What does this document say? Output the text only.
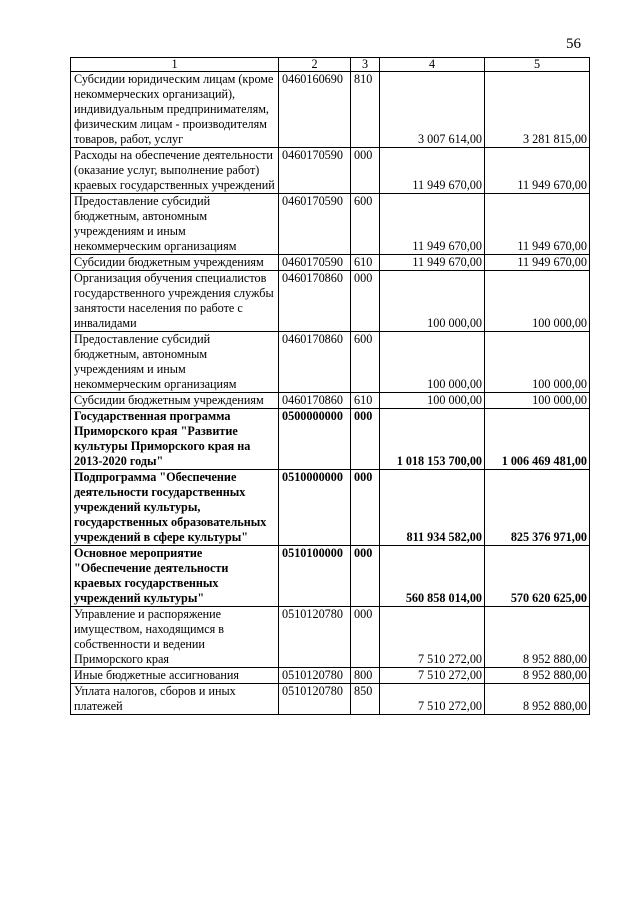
56
1	2	3	4	5
Субсидии юридическим лицам (кроме некоммерческих организаций), индивидуальным предпринимателям, физическим лицам - производителям товаров, работ, услуг	0460160690	810	3 007 614,00	3 281 815,00
Расходы на обеспечение деятельности (оказание услуг, выполнение работ) краевых государственных учреждений	0460170590	000	11 949 670,00	11 949 670,00
Предоставление субсидий бюджетным, автономным учреждениям и иным некоммерческим организациям	0460170590	600	11 949 670,00	11 949 670,00
Субсидии бюджетным учреждениям	0460170590	610	11 949 670,00	11 949 670,00
Организация обучения специалистов государственного учреждения службы занятости населения по работе с инвалидами	0460170860	000	100 000,00	100 000,00
Предоставление субсидий бюджетным, автономным учреждениям и иным некоммерческим организациям	0460170860	600	100 000,00	100 000,00
Субсидии бюджетным учреждениям	0460170860	610	100 000,00	100 000,00
Государственная программа Приморского края "Развитие культуры Приморского края на 2013-2020 годы"	0500000000	000	1 018 153 700,00	1 006 469 481,00
Подпрограмма "Обеспечение деятельности государственных учреждений культуры, государственных образовательных учреждений в сфере культуры"	0510000000	000	811 934 582,00	825 376 971,00
Основное мероприятие "Обеспечение деятельности краевых государственных учреждений культуры"	0510100000	000	560 858 014,00	570 620 625,00
Управление и распоряжение имуществом, находящимся в собственности и ведении Приморского края	0510120780	000	7 510 272,00	8 952 880,00
Иные бюджетные ассигнования	0510120780	800	7 510 272,00	8 952 880,00
Уплата налогов, сборов и иных платежей	0510120780	850	7 510 272,00	8 952 880,00
